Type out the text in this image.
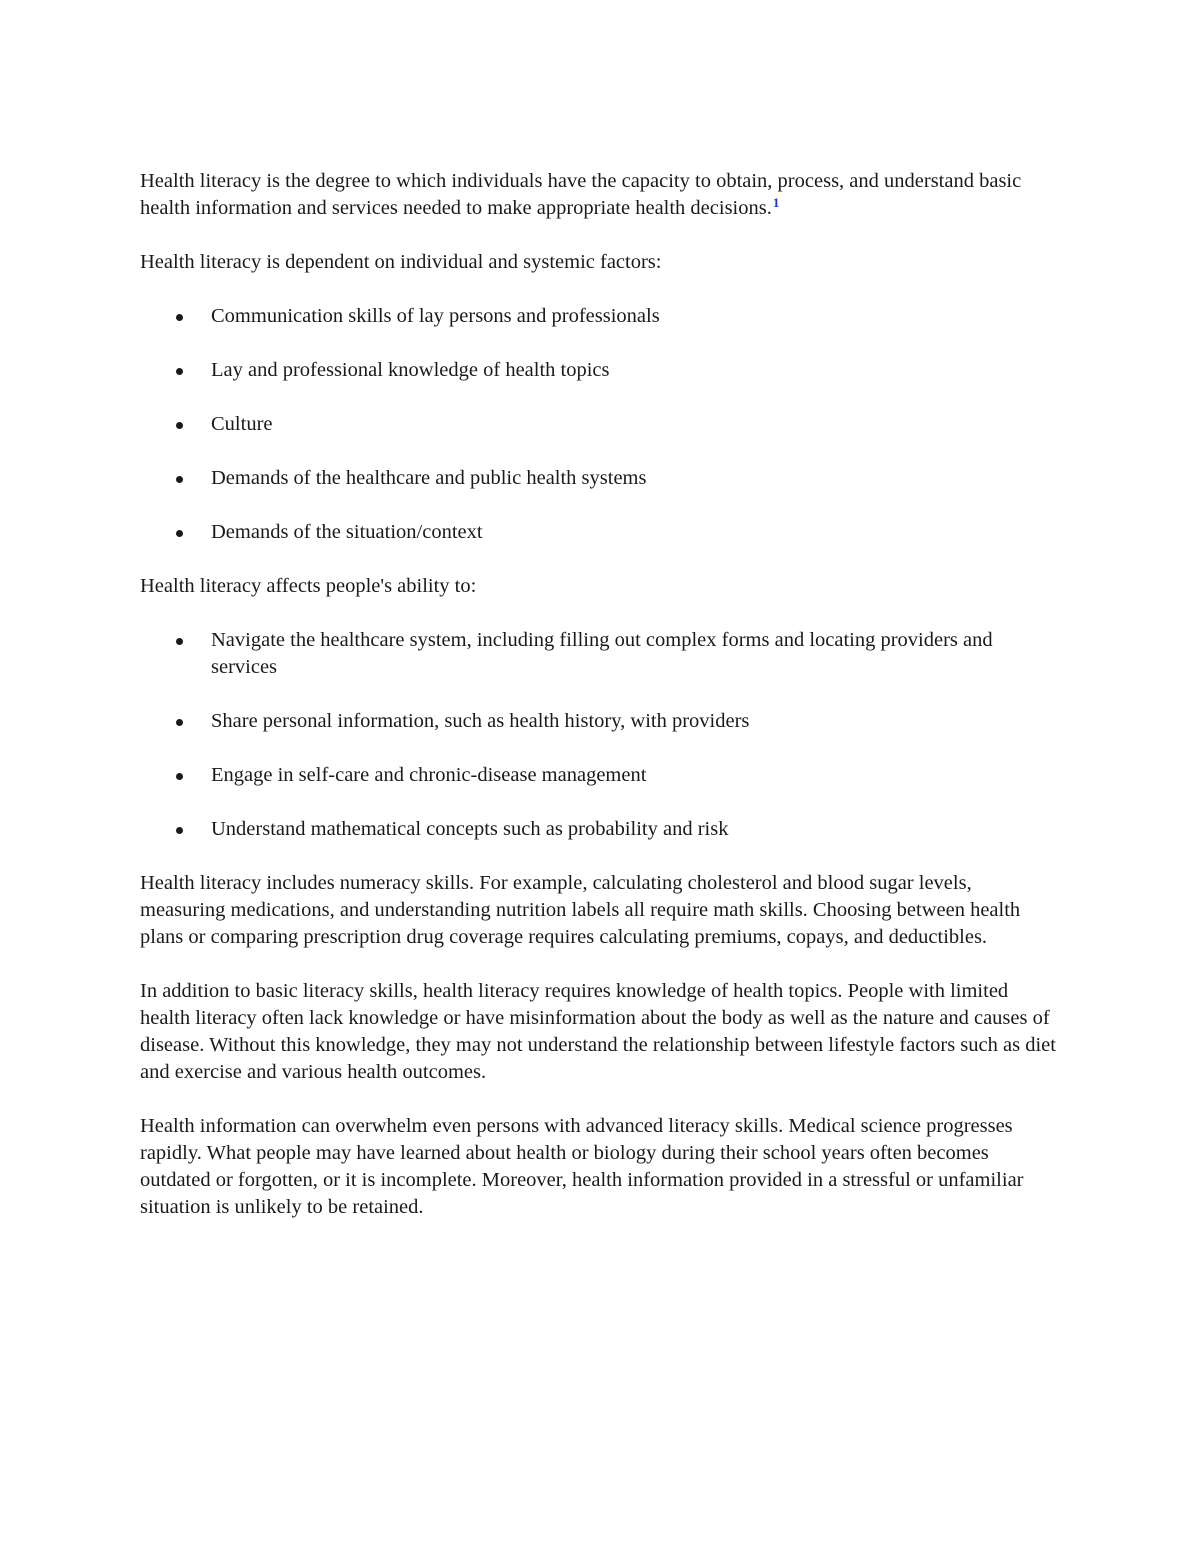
Health literacy is the degree to which individuals have the capacity to obtain, process, and understand basic health information and services needed to make appropriate health decisions.$^1$

Health literacy is dependent on individual and systemic factors:

Communication skills of lay persons and professionals
Lay and professional knowledge of health topics
Culture
Demands of the healthcare and public health systems
Demands of the situation/context

Health literacy affects people's ability to:

Navigate the healthcare system, including filling out complex forms and locating providers and services
Share personal information, such as health history, with providers
Engage in self-care and chronic-disease management
Understand mathematical concepts such as probability and risk

Health literacy includes numeracy skills. For example, calculating cholesterol and blood sugar levels, measuring medications, and understanding nutrition labels all require math skills. Choosing between health plans or comparing prescription drug coverage requires calculating premiums, copays, and deductibles.

In addition to basic literacy skills, health literacy requires knowledge of health topics. People with limited health literacy often lack knowledge or have misinformation about the body as well as the nature and causes of disease. Without this knowledge, they may not understand the relationship between lifestyle factors such as diet and exercise and various health outcomes.

Health information can overwhelm even persons with advanced literacy skills. Medical science progresses rapidly. What people may have learned about health or biology during their school years often becomes outdated or forgotten, or it is incomplete. Moreover, health information provided in a stressful or unfamiliar situation is unlikely to be retained.
